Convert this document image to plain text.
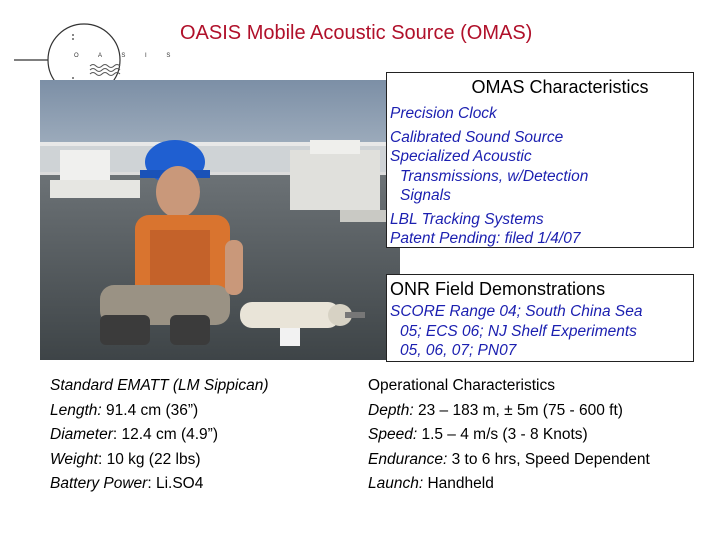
O A S I S
OASIS Mobile Acoustic Source (OMAS)
OMAS Characteristics
Precision Clock
Calibrated Sound Source
Specialized Acoustic
Transmissions, w/Detection
Signals
LBL Tracking Systems
Patent Pending: filed 1/4/07
ONR Field Demonstrations
SCORE Range 04; South China Sea
05; ECS 06; NJ Shelf Experiments
05, 06, 07; PN07
Standard EMATT (LM Sippican)
Length: 91.4 cm (36”)
Diameter: 12.4 cm (4.9”)
Weight: 10 kg (22 lbs)
Battery Power: Li.SO4
Operational Characteristics
Depth: 23 – 183 m, ± 5m (75 - 600 ft)
Speed: 1.5 – 4 m/s (3 - 8 Knots)
Endurance: 3 to 6 hrs, Speed Dependent
Launch: Handheld
